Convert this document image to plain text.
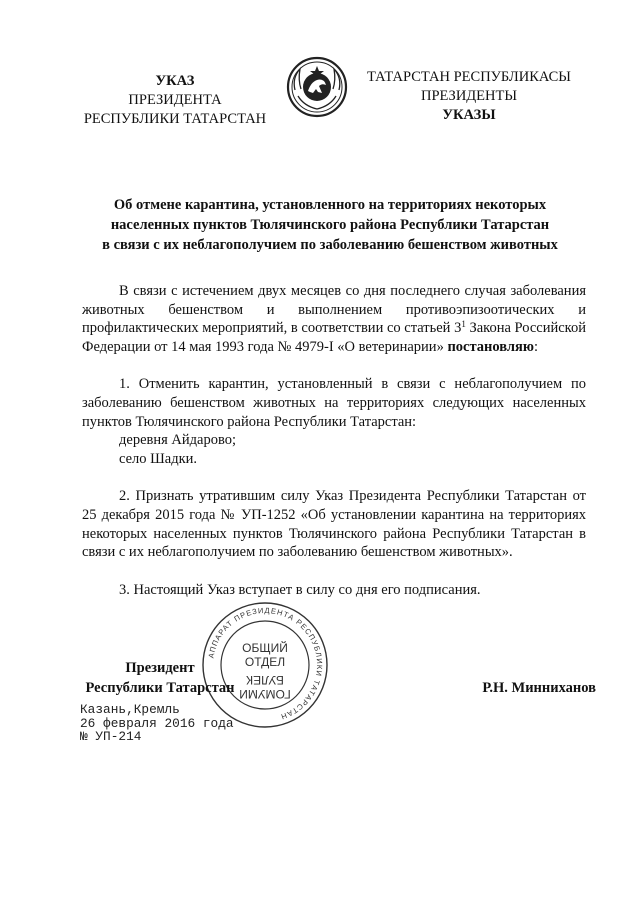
УКАЗ
ПРЕЗИДЕНТА
РЕСПУБЛИКИ ТАТАРСТАН
ТАТАРСТАН РЕСПУБЛИКАСЫ
ПРЕЗИДЕНТЫ
УКАЗЫ
Об отмене карантина, установленного на территориях некоторых
населенных пунктов Тюлячинского района Республики Татарстан
в связи с их неблагополучием по заболеванию бешенством животных

В связи с истечением двух месяцев со дня последнего случая заболевания животных бешенством и выполнением противоэпизоотических и профилактических мероприятий, в соответствии со статьей $3^1$ Закона Российской Федерации от 14 мая 1993 года № 4979-I «О ветеринарии» постановляю:

1. Отменить карантин, установленный в связи с неблагополучием по заболеванию бешенством животных на территориях следующих населенных пунктов Тюлячинского района Республики Татарстан:

деревня Айдарово;

село Шадки.

2. Признать утратившим силу Указ Президента Республики Татарстан от 25 декабря 2015 года № УП-1252 «Об установлении карантина на территориях некоторых населенных пунктов Тюлячинского района Республики Татарстан в связи с их неблагополучием по заболеванию бешенством животных».

3. Настоящий Указ вступает в силу со дня его подписания.

АППАРАТ ПРЕЗИДЕНТА РЕСПУБЛИКИ ТАТАРСТАН
ОБЩИЙ
ОТДЕЛ
БУЛЕК
ГОМУМИ
Президент
Республики Татарстан	Р.Н. Минниханов
Казань,Кремль
26 февраля 2016 года
№ УП-214
